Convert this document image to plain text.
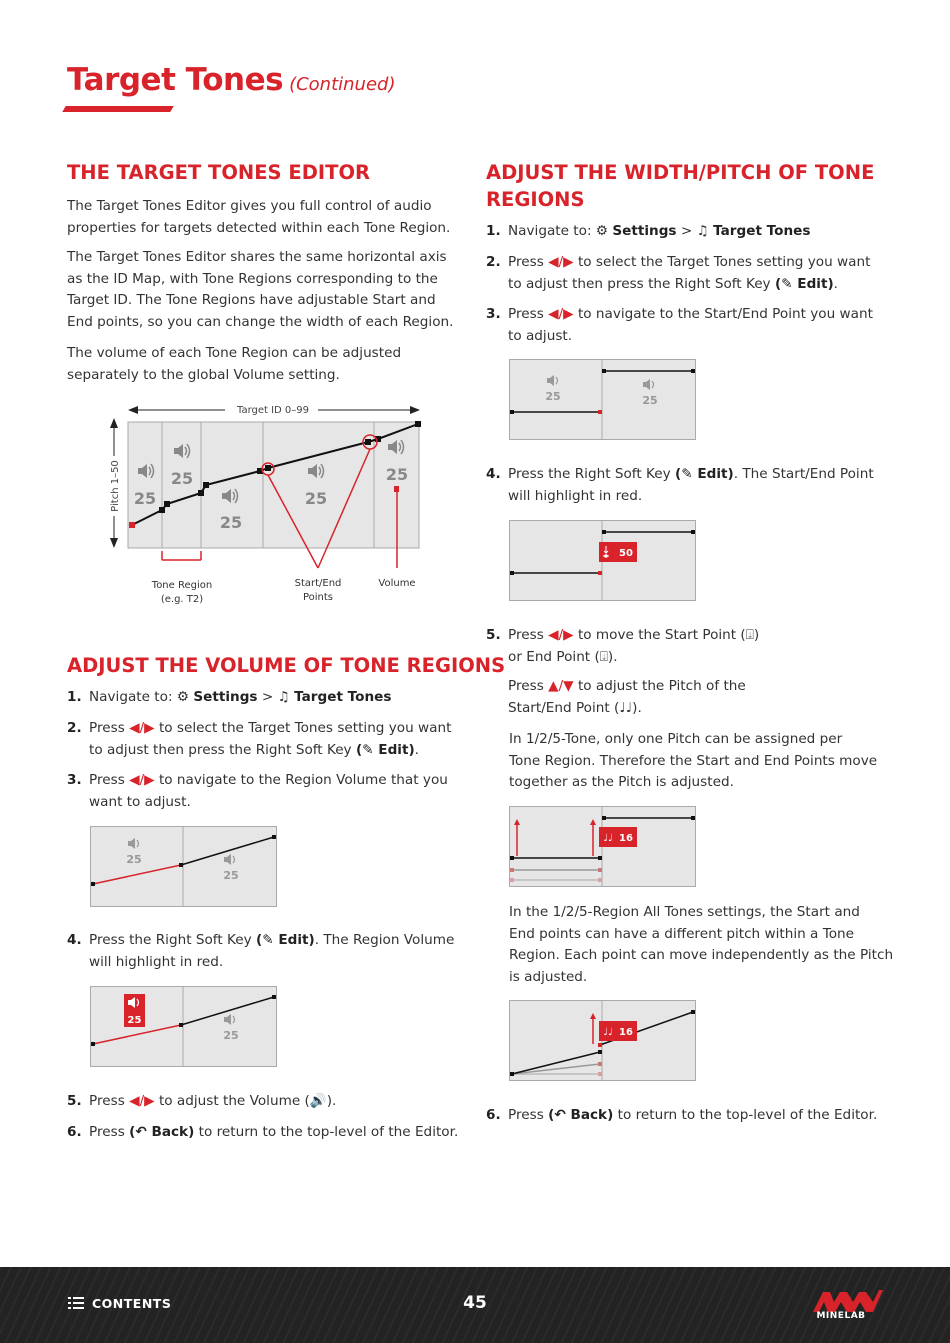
Target Tones (Continued)
THE TARGET TONES EDITOR

The Target Tones Editor gives you full control of audio properties for targets detected within each Tone Region.

The Target Tones Editor shares the same horizontal axis as the ID Map, with Tone Regions corresponding to the Target ID. The Tone Regions have adjustable Start and End points, so you can change the width of each Region.

The volume of each Tone Region can be adjusted separately to the global Volume setting.

Target ID 0–99
Pitch 1–50 25
25
25
25
25
Tone Region
(e.g. T2)
Start/End
Points
Volume
ADJUST THE VOLUME OF TONE REGIONS
1. Navigate to: ⚙ Settings > ♫ Target Tones
2. Press ◀/▶ to select the Target Tones setting you want
to adjust then press the Right Soft Key (✎ Edit).
3. Press ◀/▶ to navigate to the Region Volume that you
want to adjust.
25
25
4. Press the Right Soft Key (✎ Edit). The Region Volume
will highlight in red.
25
25
5. Press ◀/▶ to adjust the Volume (🔊).
6. Press (↶ Back) to return to the top-level of the Editor.
ADJUST THE WIDTH/PITCH OF TONE
REGIONS
1. Navigate to: ⚙ Settings > ♫ Target Tones
2. Press ◀/▶ to select the Target Tones setting you want
to adjust then press the Right Soft Key (✎ Edit).
3. Press ◀/▶ to navigate to the Start/End Point you want
to adjust.
25	25
4. Press the Right Soft Key (✎ Edit). The Start/End Point
will highlight in red.
50
5. Press ◀/▶ to move the Start Point (⍗)
or End Point (⍗).
Press ▲/▼ to adjust the Pitch of the
Start/End Point (♩♩).

In 1/2/5-Tone, only one Pitch can be assigned per
Tone Region. Therefore the Start and End Points move
together as the Pitch is adjusted.

♩♩ 16

In the 1/2/5-Region All Tones settings, the Start and
End points can have a different pitch within a Tone
Region. Each point can move independently as the Pitch
is adjusted.

♩♩ 16
6. Press (↶ Back) to return to the top-level of the Editor.
CONTENTS	45
MINELAB
